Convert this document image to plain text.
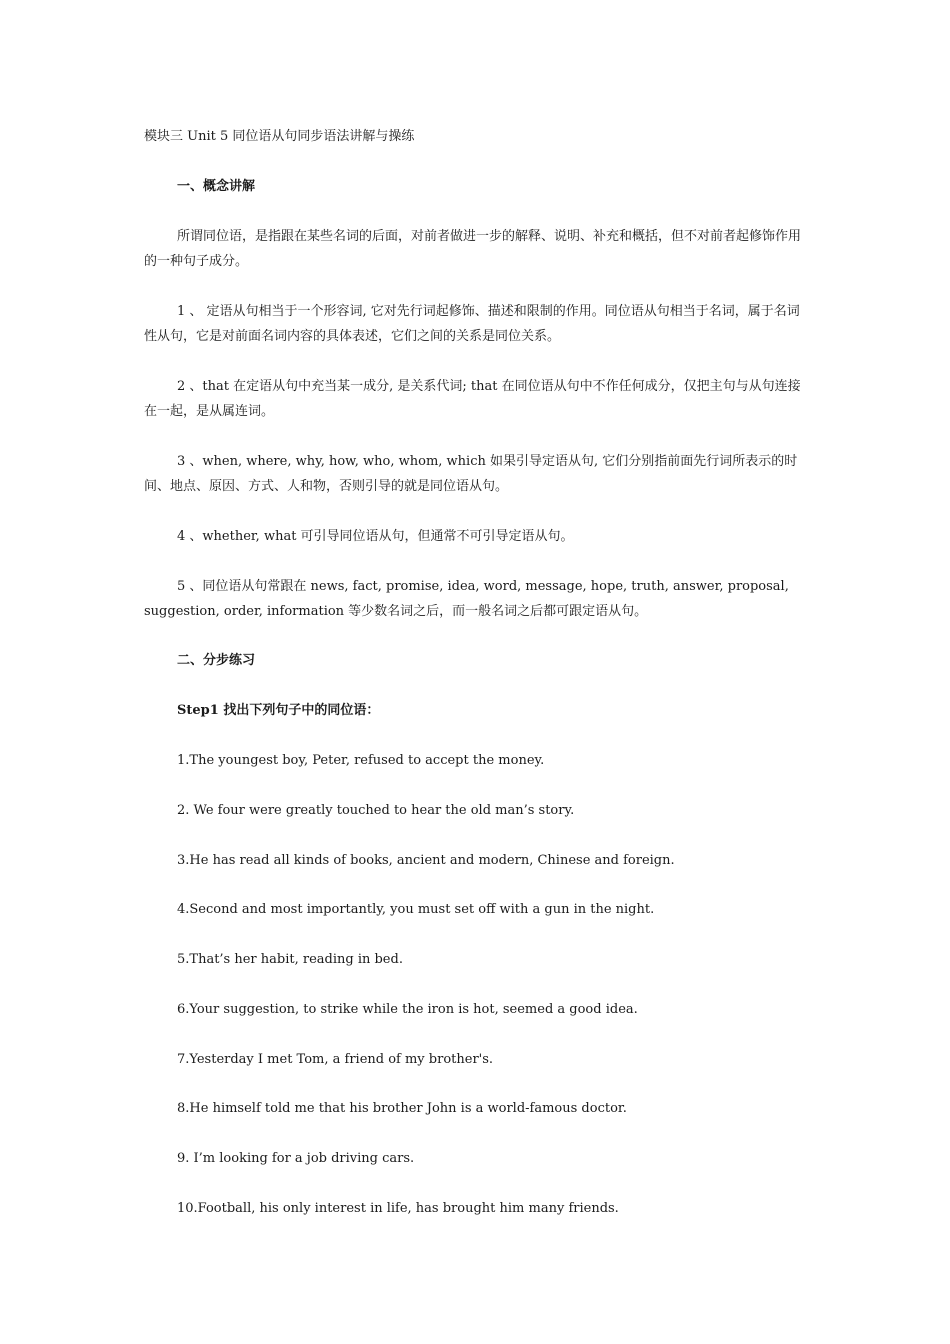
模块三 Unit 5 同位语从句同步语法讲解与操练
一、概念讲解
所谓同位语，是指跟在某些名词的后面，对前者做进一步的解释、说明、补充和概括，但不对前者起修饰作用的一种句子成分。
1 、 定语从句相当于一个形容词, 它对先行词起修饰、描述和限制的作用。同位语从句相当于名词，属于名词性从句，它是对前面名词内容的具体表述，它们之间的关系是同位关系。
2 、that 在定语从句中充当某一成分, 是关系代词; that 在同位语从句中不作任何成分，仅把主句与从句连接在一起，是从属连词。
3 、when, where, why, how, who, whom, which 如果引导定语从句, 它们分别指前面先行词所表示的时间、地点、原因、方式、人和物，否则引导的就是同位语从句。
4 、whether, what 可引导同位语从句，但通常不可引导定语从句。
5 、同位语从句常跟在 news, fact, promise, idea, word, message, hope, truth, answer, proposal, suggestion, order, information 等少数名词之后，而一般名词之后都可跟定语从句。
二、分步练习
Step1 找出下列句子中的同位语：
1.The youngest boy, Peter, refused to accept the money.
2. We four were greatly touched to hear the old man’s story.
3.He has read all kinds of books, ancient and modern, Chinese and foreign.
4.Second and most importantly, you must set off with a gun in the night.
5.That’s her habit, reading in bed.
6.Your suggestion, to strike while the iron is hot, seemed a good idea.
7.Yesterday I met Tom, a friend of my brother's.
8.He himself told me that his brother John is a world-famous doctor.
9. I’m looking for a job driving cars.
10.Football, his only interest in life, has brought him many friends.
